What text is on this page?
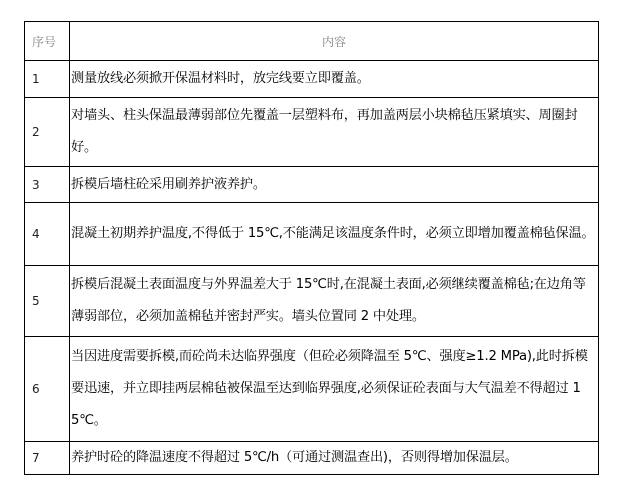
序号	内容
1	测量放线必须掀开保温材料时，放完线要立即覆盖。
2	对墙头、柱头保温最薄弱部位先覆盖一层塑料布，再加盖两层小块棉毡压紧填实、周圈封好。
3	拆模后墙柱砼采用刷养护液养护。
4	混凝土初期养护温度,不得低于 15℃,不能满足该温度条件时，必须立即增加覆盖棉毡保温。
5	拆模后混凝土表面温度与外界温差大于 15℃时,在混凝土表面,必须继续覆盖棉毡;在边角等薄弱部位，必须加盖棉毡并密封严实。墙头位置同 2 中处理。
6	当因进度需要拆模,而砼尚未达临界强度（但砼必须降温至 5℃、强度≥1.2 MPa),此时拆模要迅速，并立即挂两层棉毡被保温至达到临界强度,必须保证砼表面与大气温差不得超过 15℃。
7	养护时砼的降温速度不得超过 5℃/h（可通过测温查出)，否则得增加保温层。
